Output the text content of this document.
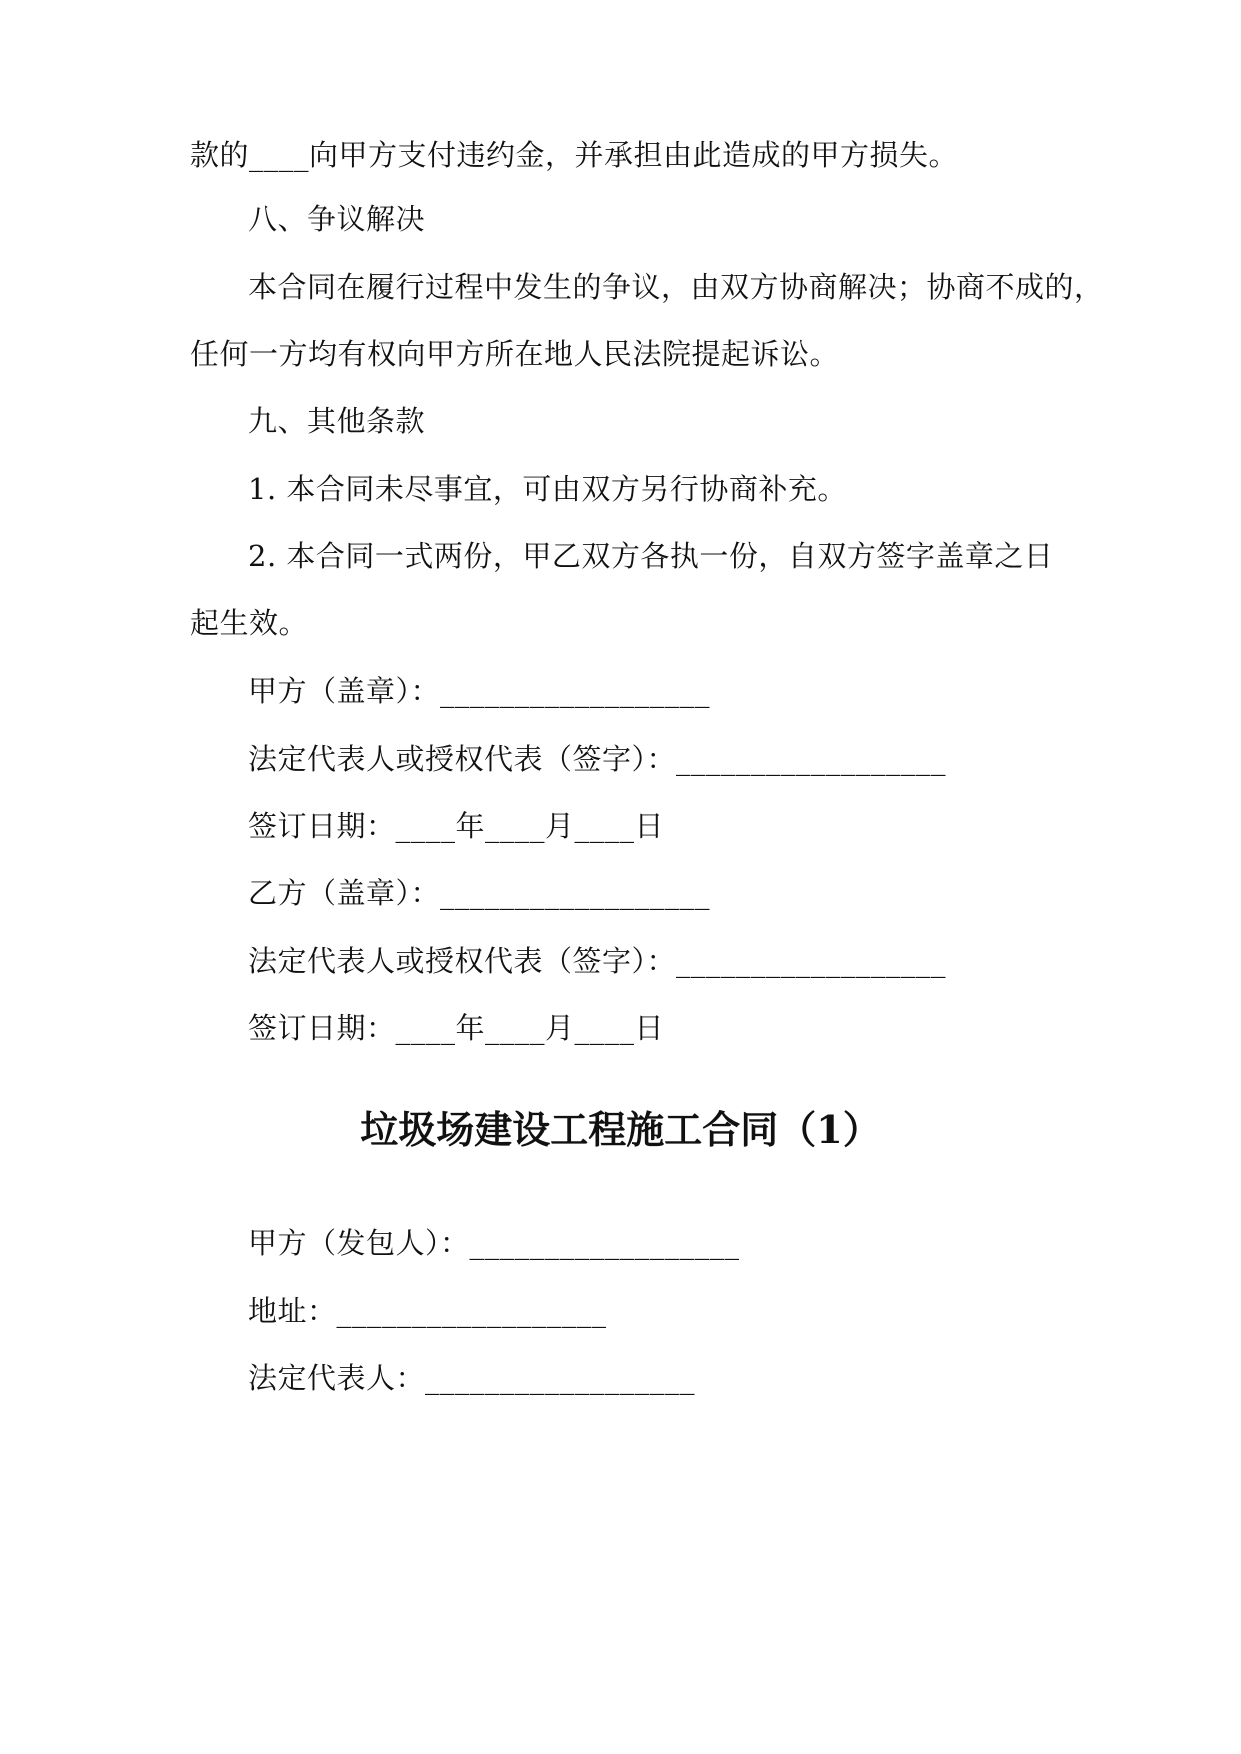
款的____向甲方支付违约金，并承担由此造成的甲方损失。
八、争议解决
本合同在履行过程中发生的争议，由双方协商解决；协商不成的，
任何一方均有权向甲方所在地人民法院提起诉讼。
九、其他条款
1. 本合同未尽事宜，可由双方另行协商补充。
2. 本合同一式两份，甲乙双方各执一份，自双方签字盖章之日
起生效。
甲方（盖章）：__________________
法定代表人或授权代表（签字）：__________________
签订日期：____年____月____日
乙方（盖章）：__________________
法定代表人或授权代表（签字）：__________________
签订日期：____年____月____日
垃圾场建设工程施工合同（1）
甲方（发包人）：__________________
地址：__________________
法定代表人：__________________
